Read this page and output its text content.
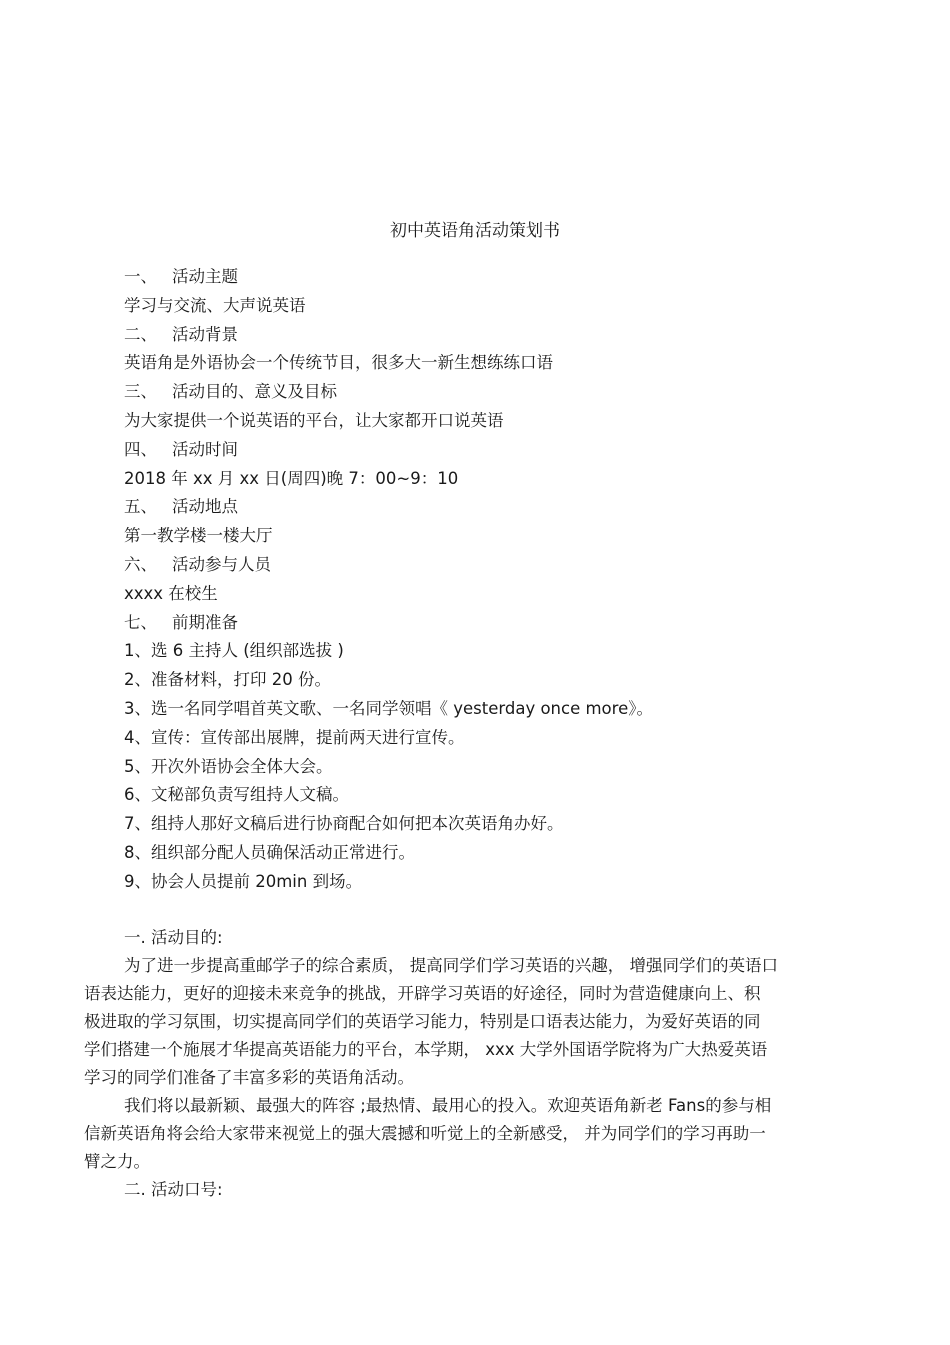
初中英语角活动策划书
一、 活动主题
学习与交流、大声说英语
二、 活动背景
英语角是外语协会一个传统节目，很多大一新生想练练口语
三、 活动目的、意义及目标
为大家提供一个说英语的平台，让大家都开口说英语
四、 活动时间
2018 年 xx 月 xx 日(周四)晚 7：00~9：10
五、 活动地点
第一教学楼一楼大厅
六、 活动参与人员
xxxx 在校生
七、 前期准备
1、选 6 主持人 (组织部选拔 )
2、准备材料，打印 20 份。
3、选一名同学唱首英文歌、一名同学领唱《 yesterday once more》。
4、宣传：宣传部出展牌，提前两天进行宣传。
5、开次外语协会全体大会。
6、文秘部负责写组持人文稿。
7、组持人那好文稿后进行协商配合如何把本次英语角办好。
8、组织部分配人员确保活动正常进行。
9、协会人员提前 20min 到场。

一. 活动目的:

为了进一步提高重邮学子的综合素质， 提高同学们学习英语的兴趣， 增强同学们的英语口

语表达能力，更好的迎接未来竞争的挑战，开辟学习英语的好途径，同时为营造健康向上、积

极进取的学习氛围，切实提高同学们的英语学习能力，特别是口语表达能力，为爱好英语的同

学们搭建一个施展才华提高英语能力的平台，本学期， xxx 大学外国语学院将为广大热爱英语

学习的同学们准备了丰富多彩的英语角活动。

我们将以最新颖、最强大的阵容 ;最热情、最用心的投入。欢迎英语角新老 Fans的参与相

信新英语角将会给大家带来视觉上的强大震撼和听觉上的全新感受， 并为同学们的学习再助一

臂之力。

二. 活动口号:
